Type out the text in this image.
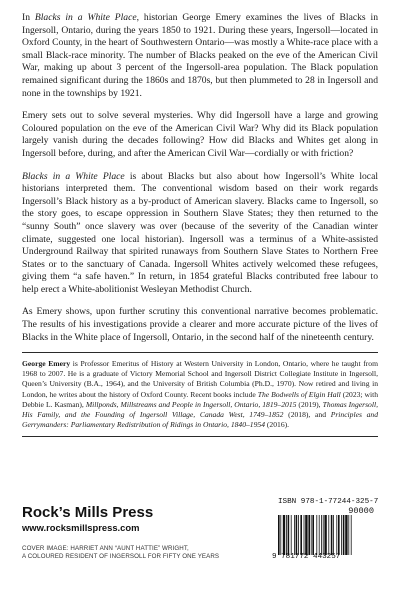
In Blacks in a White Place, historian George Emery examines the lives of Blacks in Ingersoll, Ontario, during the years 1850 to 1921. During these years, Ingersoll—located in Oxford County, in the heart of Southwestern Ontario—was mostly a White-race place with a small Black-race minority. The number of Blacks peaked on the eve of the American Civil War, making up about 3 percent of the Ingersoll-area population. The Black population remained significant during the 1860s and 1870s, but then plummeted to 28 in Ingersoll and none in the townships by 1921.

Emery sets out to solve several mysteries. Why did Ingersoll have a large and growing Coloured population on the eve of the American Civil War? Why did its Black population largely vanish during the decades following? How did Blacks and Whites get along in Ingersoll before, during, and after the American Civil War—cordially or with friction?

Blacks in a White Place is about Blacks but also about how Ingersoll’s White local historians interpreted them. The conventional wisdom based on their work regards Ingersoll’s Black history as a by-product of American slavery. Blacks came to Ingersoll, so the story goes, to escape oppression in Southern Slave States; they then returned to the “sunny South” once slavery was over (because of the severity of the Canadian winter climate, suggested one local historian). Ingersoll was a terminus of a White-assisted Underground Railway that spirited runaways from Southern Slave States to Northern Free States or to the sanctuary of Canada. Ingersoll Whites actively welcomed these refugees, giving them “a safe haven.” In return, in 1854 grateful Blacks contributed free labour to help erect a White-abolitionist Wesleyan Methodist Church.

As Emery shows, upon further scrutiny this conventional narrative becomes problematic. The results of his investigations provide a clearer and more accurate picture of the lives of Blacks in the White place of Ingersoll, Ontario, in the second half of the nineteenth century.

George Emery is Professor Emeritus of History at Western University in London, Ontario, where he taught from 1968 to 2007. He is a graduate of Victory Memorial School and Ingersoll District Collegiate Institute in Ingersoll, Queen’s University (B.A., 1964), and the University of British Columbia (Ph.D., 1970). Now retired and living in London, he writes about the history of Oxford County. Recent books include The Bodwells of Elgin Hall (2023; with Debbie L. Kasman), Millponds, Millstreams and People in Ingersoll, Ontario, 1819–2015 (2019), Thomas Ingersoll, His Family, and the Founding of Ingersoll Village, Canada West, 1749–1852 (2018), and Principles and Gerrymanders: Parliamentary Redistribution of Ridings in Ontario, 1840–1954 (2016).

Rock’s Mills Press
www.rocksmillspress.com
COVER IMAGE: HARRIET ANN “AUNT HATTIE” WRIGHT,
A COLOURED RESIDENT OF INGERSOLL FOR FIFTY ONE YEARS
ISBN 978-1-77244-325-7
90000
9 781772 443257
